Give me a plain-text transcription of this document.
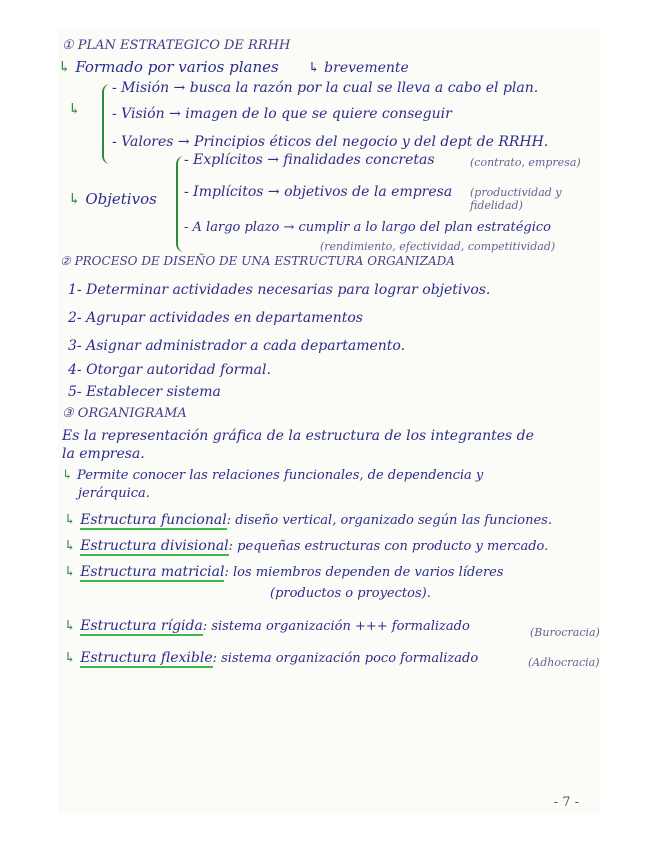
① PLAN ESTRATEGICO DE RRHH
↳ Formado por varios planes ↳ brevemente
↳
- Misión → busca la razón por la cual se lleva a cabo el plan.
- Visión → imagen de lo que se quiere conseguir
- Valores → Principios éticos del negocio y del dept de RRHH.
↳ Objetivos
- Explícitos → finalidades concretas	(contrato, empresa)
- Implícitos → objetivos de la empresa (productividad y fidelidad)
- A largo plazo → cumplir a lo largo del plan estratégico
(rendimiento, efectividad, competitividad)
② PROCESO DE DISEÑO DE UNA ESTRUCTURA ORGANIZADA
1- Determinar actividades necesarias para lograr objetivos.
2- Agrupar actividades en departamentos
3- Asignar administrador a cada departamento.
4- Otorgar autoridad formal.
5- Establecer sistema
③ ORGANIGRAMA
Es la representación gráfica de la estructura de los integrantes de
la empresa.
↳ Permite conocer las relaciones funcionales, de dependencia y
jerárquica.
↳ Estructura funcional: diseño vertical, organizado según las funciones.
↳ Estructura divisional: pequeñas estructuras con producto y mercado.
↳ Estructura matricial: los miembros dependen de varios líderes
(productos o proyectos).
↳ Estructura rígida: sistema organización +++ formalizado	(Burocracia)
↳ Estructura flexible: sistema organización poco formalizado	(Adhocracia)
- 7 -
